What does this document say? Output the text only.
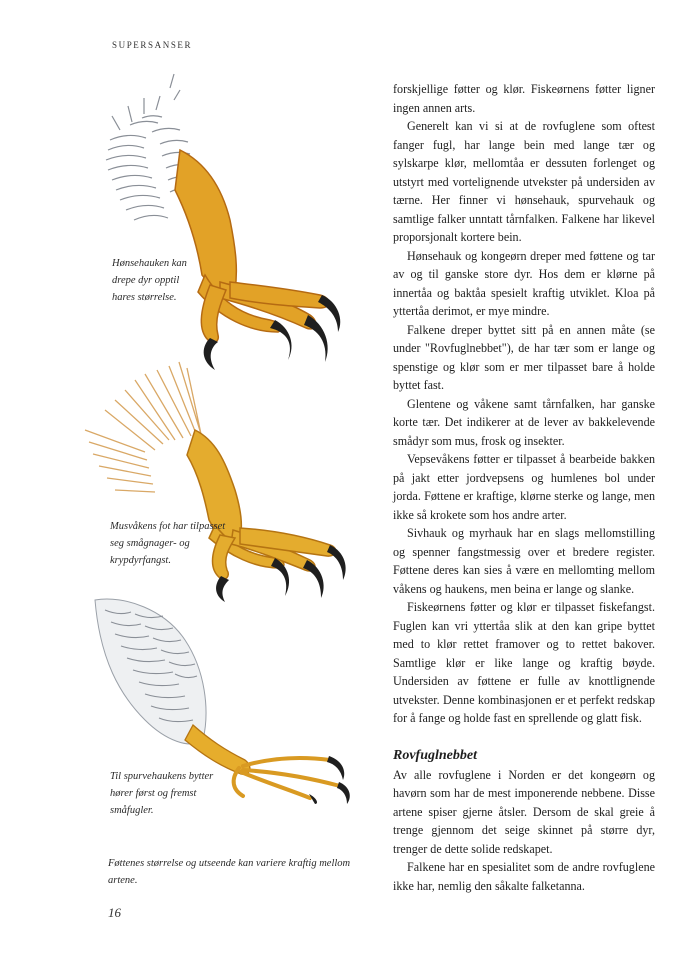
SUPERSANSER
Hønsehauken kan drepe dyr opptil hares størrelse.
Musvåkens fot har tilpasset seg smågnager- og krypdyrfangst.
Til spurvehaukens bytter hører først og fremst småfugler.
Føttenes størrelse og utseende kan variere kraftig mellom artene.
16

forskjellige føtter og klør. Fiskeørnens føtter ligner ingen annen arts.

Generelt kan vi si at de rovfuglene som oftest fanger fugl, har lange bein med lange tær og sylskarpe klør, mellomtåa er dessuten forlenget og utstyrt med vortelignende utvekster på undersiden av tærne. Her finner vi hønsehauk, spurvehauk og samtlige falker unntatt tårnfalken. Falkene har likevel proporsjonalt kortere bein.

Hønsehauk og kongeørn dreper med føttene og tar av og til ganske store dyr. Hos dem er klørne på innertåa og baktåa spesielt kraftig utviklet. Kloa på yttertåa derimot, er mye mindre.

Falkene dreper byttet sitt på en annen måte (se under "Rovfuglnebbet"), de har tær som er lange og spenstige og klør som er mer tilpasset bare å holde byttet fast.

Glentene og våkene samt tårnfalken, har ganske korte tær. Det indikerer at de lever av bakkelevende smådyr som mus, frosk og insekter.

Vepsevåkens føtter er tilpasset å bearbeide bakken på jakt etter jordvepsens og humlenes bol under jorda. Føttene er kraftige, klørne sterke og lange, men ikke så krokete som hos andre arter.

Sivhauk og myrhauk har en slags mellomstilling og spenner fangstmessig over et bredere register. Føttene deres kan sies å være en mellomting mellom våkens og haukens, men beina er lange og slanke.

Fiskeørnens føtter og klør er tilpasset fiskefangst. Fuglen kan vri yttertåa slik at den kan gripe byttet med to klør rettet framover og to rettet bakover. Samtlige klør er like lange og kraftig bøyde. Undersiden av føttene er fulle av knottlignende utvekster. Denne kombinasjonen er et perfekt redskap for å fange og holde fast en sprellende og glatt fisk.

Rovfuglnebbet

Av alle rovfuglene i Norden er det kongeørn og havørn som har de mest imponerende nebbene. Disse artene spiser gjerne åtsler. Dersom de skal greie å trenge gjennom det seige skinnet på større dyr, trenger de dette solide redskapet.

Falkene har en spesialitet som de andre rovfuglene ikke har, nemlig den såkalte falketanna.
